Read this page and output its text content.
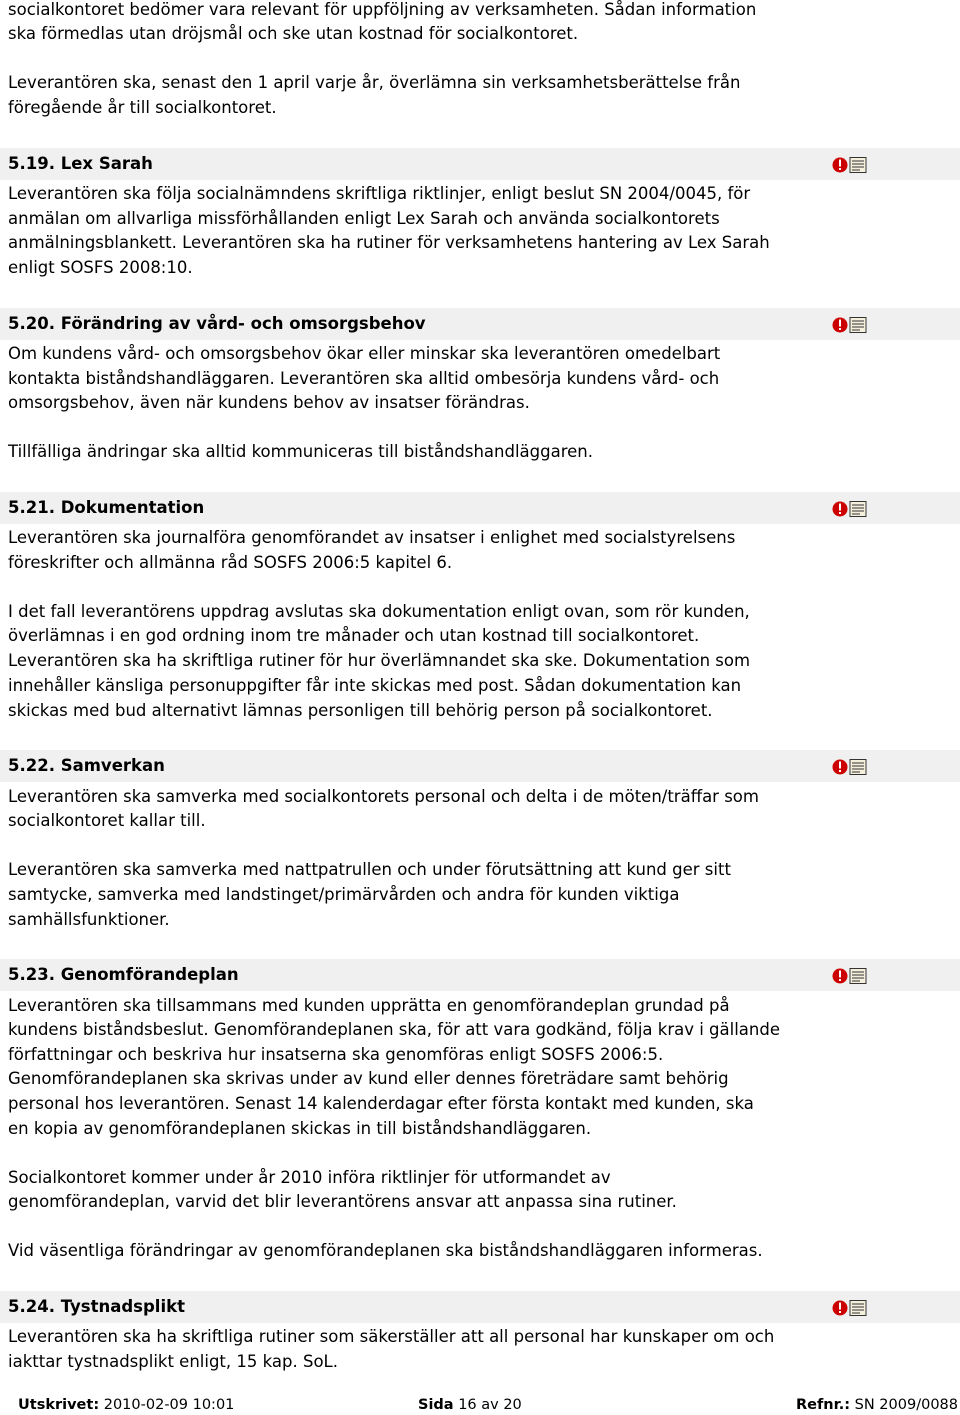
socialkontoret bedömer vara relevant för uppföljning av verksamheten. Sådan information

ska förmedlas utan dröjsmål och ske utan kostnad för socialkontoret.

Leverantören ska, senast den 1 april varje år, överlämna sin verksamhetsberättelse från

föregående år till socialkontoret.

5.19. Lex Sarah

Leverantören ska följa socialnämndens skriftliga riktlinjer, enligt beslut SN 2004/0045, för

anmälan om allvarliga missförhållanden enligt Lex Sarah och använda socialkontorets

anmälningsblankett. Leverantören ska ha rutiner för verksamhetens hantering av Lex Sarah

enligt SOSFS 2008:10.

5.20. Förändring av vård- och omsorgsbehov

Om kundens vård- och omsorgsbehov ökar eller minskar ska leverantören omedelbart

kontakta biståndshandläggaren. Leverantören ska alltid ombesörja kundens vård- och

omsorgsbehov, även när kundens behov av insatser förändras.

Tillfälliga ändringar ska alltid kommuniceras till biståndshandläggaren.

5.21. Dokumentation

Leverantören ska journalföra genomförandet av insatser i enlighet med socialstyrelsens

föreskrifter och allmänna råd SOSFS 2006:5 kapitel 6.

I det fall leverantörens uppdrag avslutas ska dokumentation enligt ovan, som rör kunden,

överlämnas i en god ordning inom tre månader och utan kostnad till socialkontoret.

Leverantören ska ha skriftliga rutiner för hur överlämnandet ska ske. Dokumentation som

innehåller känsliga personuppgifter får inte skickas med post. Sådan dokumentation kan

skickas med bud alternativt lämnas personligen till behörig person på socialkontoret.

5.22. Samverkan

Leverantören ska samverka med socialkontorets personal och delta i de möten/träffar som

socialkontoret kallar till.

Leverantören ska samverka med nattpatrullen och under förutsättning att kund ger sitt

samtycke, samverka med landstinget/primärvården och andra för kunden viktiga

samhällsfunktioner.

5.23. Genomförandeplan

Leverantören ska tillsammans med kunden upprätta en genomförandeplan grundad på

kundens biståndsbeslut. Genomförandeplanen ska, för att vara godkänd, följa krav i gällande

författningar och beskriva hur insatserna ska genomföras enligt SOSFS 2006:5.

Genomförandeplanen ska skrivas under av kund eller dennes företrädare samt behörig

personal hos leverantören. Senast 14 kalenderdagar efter första kontakt med kunden, ska

en kopia av genomförandeplanen skickas in till biståndshandläggaren.

Socialkontoret kommer under år 2010 införa riktlinjer för utformandet av

genomförandeplan, varvid det blir leverantörens ansvar att anpassa sina rutiner.

Vid väsentliga förändringar av genomförandeplanen ska biståndshandläggaren informeras.

5.24. Tystnadsplikt

Leverantören ska ha skriftliga rutiner som säkerställer att all personal har kunskaper om och

iakttar tystnadsplikt enligt, 15 kap. SoL.

Utskrivet: 2010-02-09 10:01	Sida 16 av 20	Refnr.: SN 2009/0088
